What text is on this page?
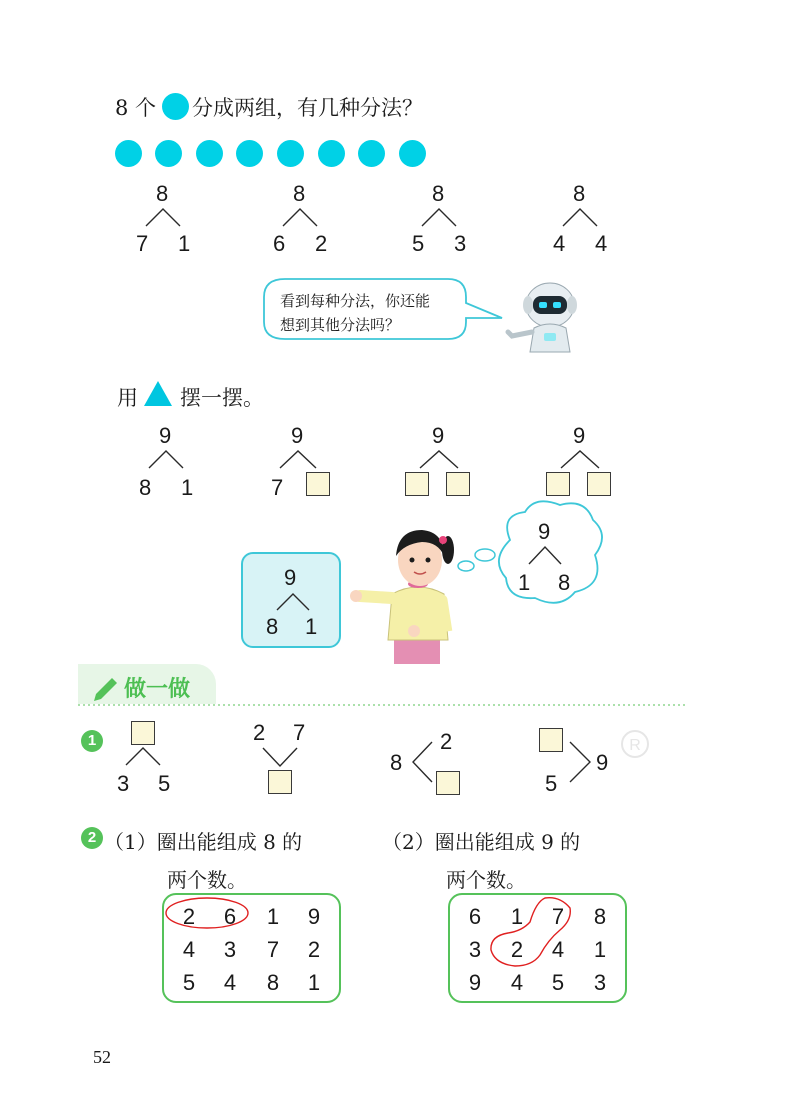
8 个 分成两组，有几种分法？
8
7 1
8
6 2
8
5 3
8
4 4
看到每种分法，你还能
想到其他分法吗？
用 摆一摆。
9
8 1
9
7
9	9
9
8 1
9
1 8
做一做
1
3 5
2 7
8
2
5
9
R
2 （1）圈出能组成 8 的
两个数。
（2）圈出能组成 9 的
两个数。
2	6	1	9
4	3	7	2
5	4	8	1
6	1	7	8
3	2	4	1
9	4	5	3
52
